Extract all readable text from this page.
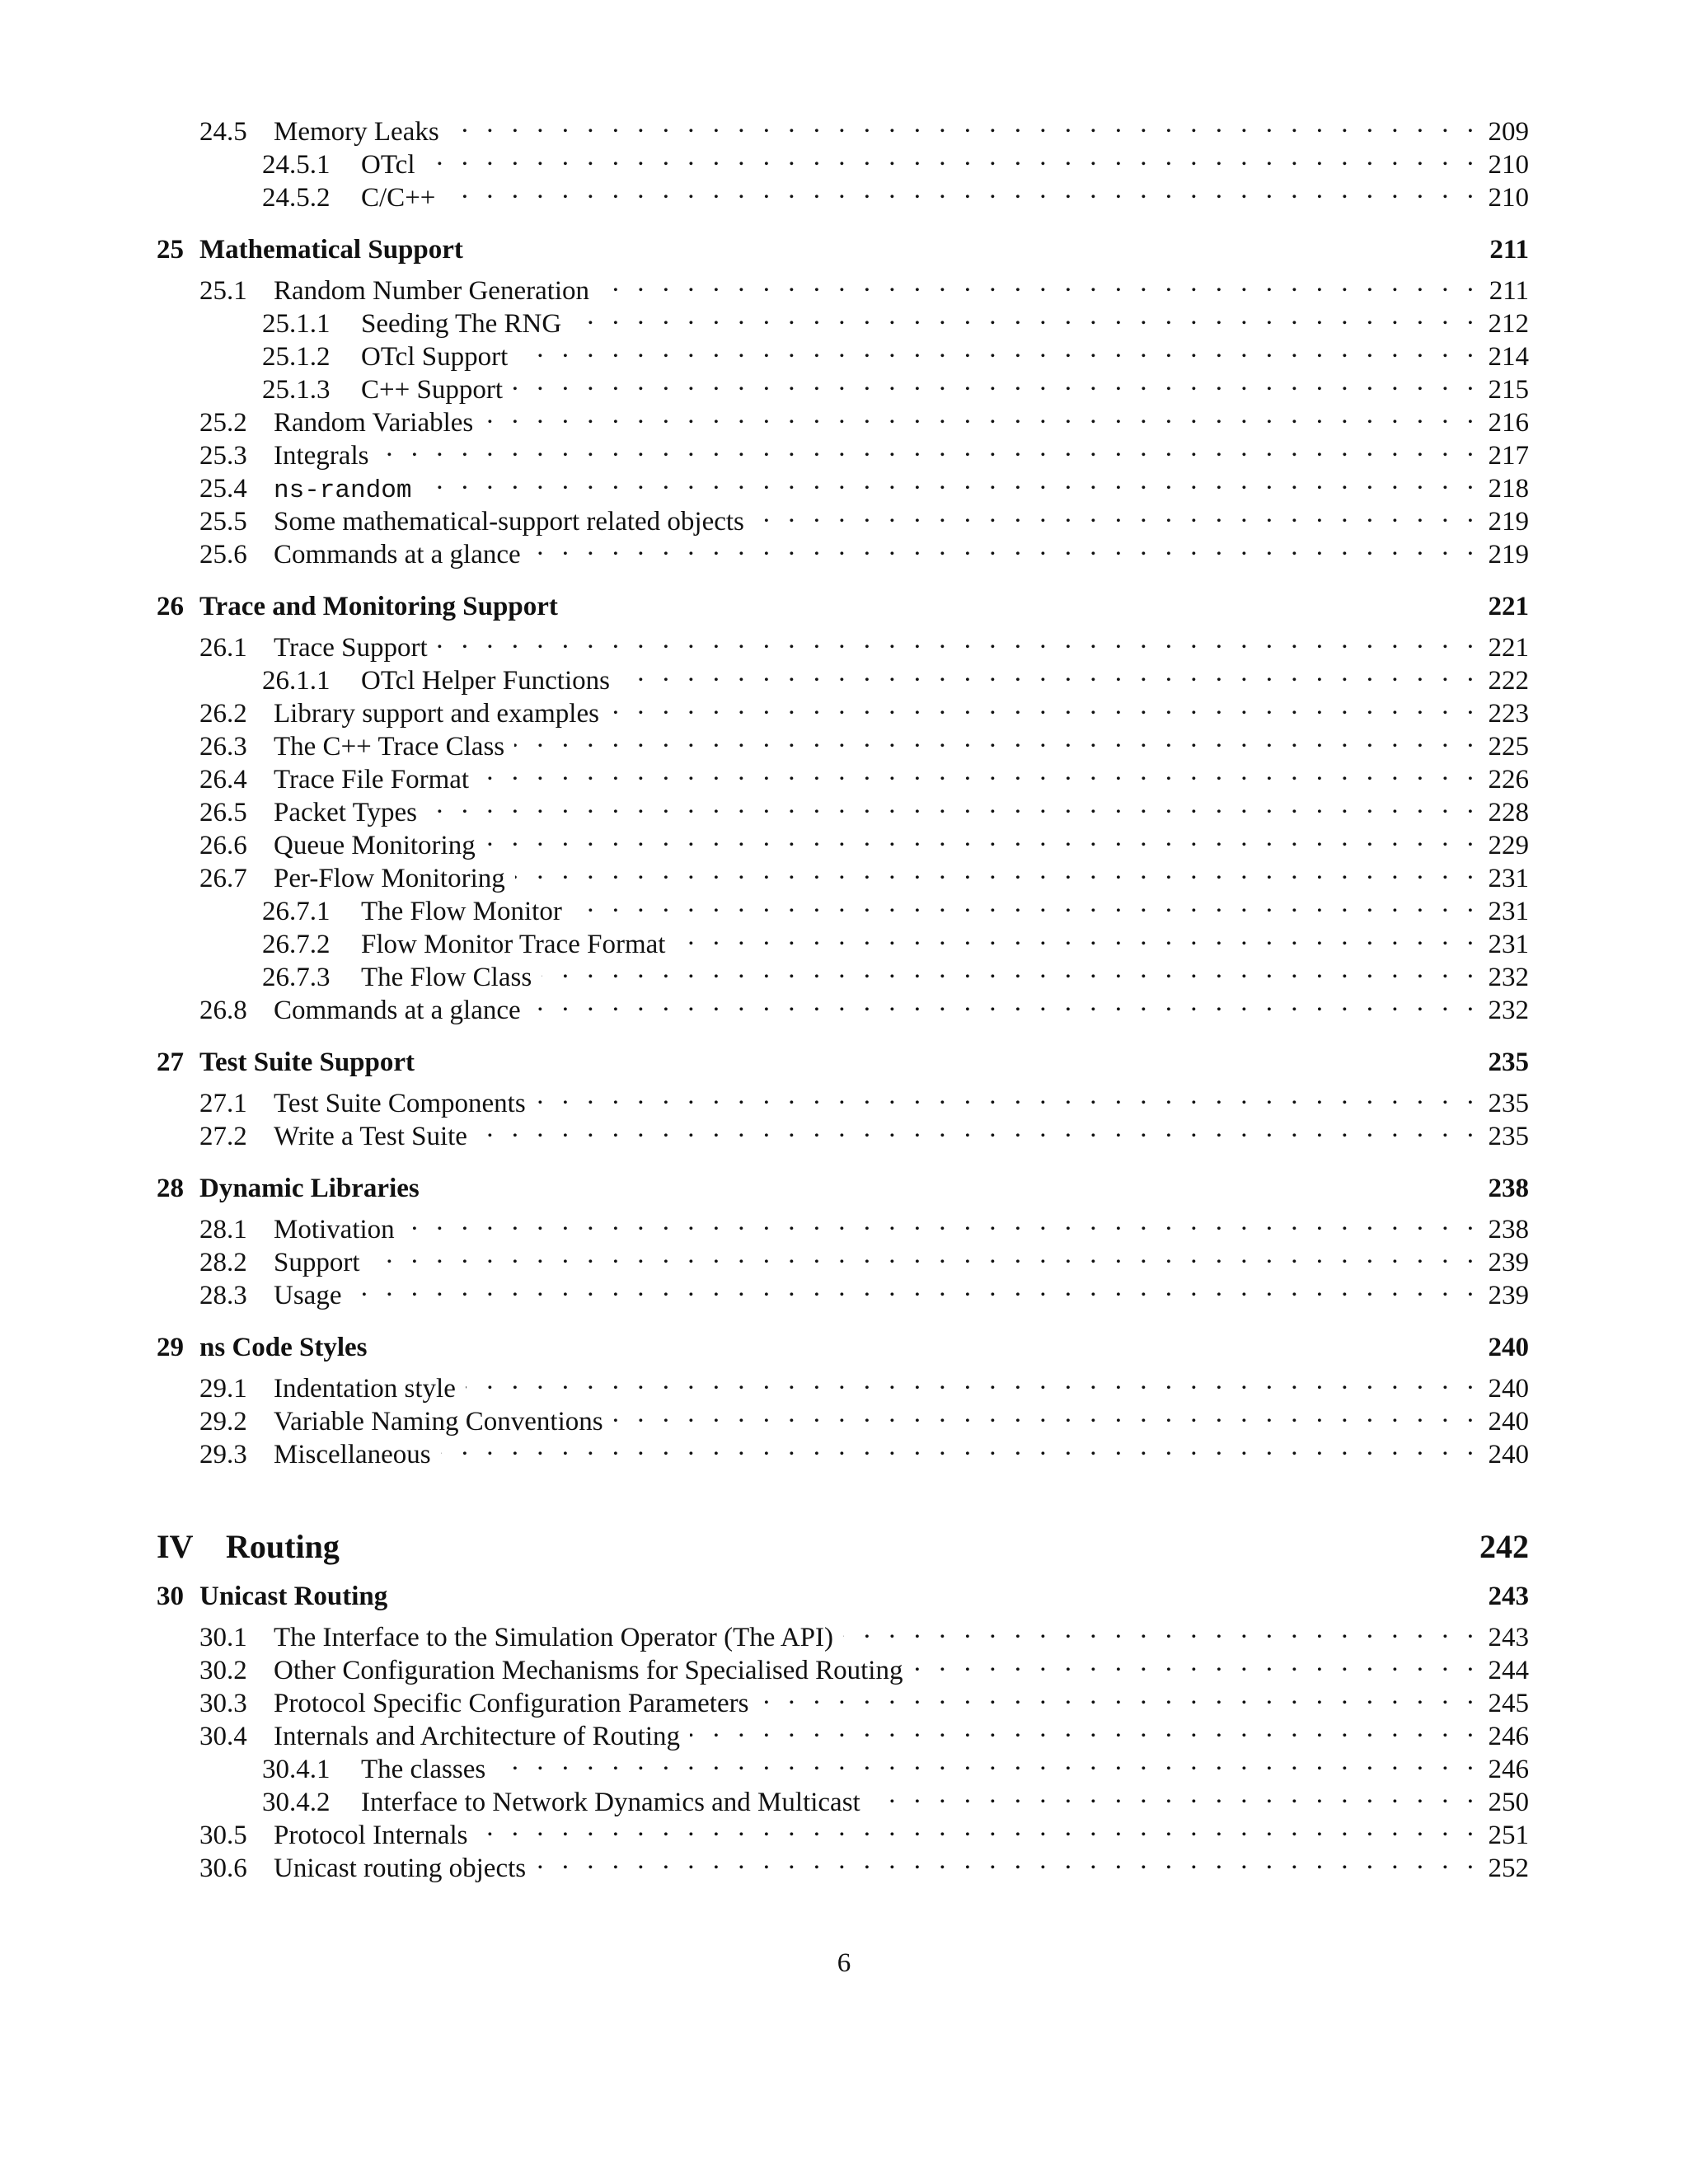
24.5 Memory Leaks . . .	209
24.5.1	OTcl . . .	210
24.5.2	C/C++ . . .	210
25 Mathematical Support	211
25.1 Random Number Generation . . .	211
25.1.1	Seeding The RNG . . .	212
25.1.2	OTcl Support . . .	214
25.1.3	C++ Support . . .	215
25.2 Random Variables . . .	216
25.3 Integrals . . .	217
25.4	ns-random . . .	218
25.5 Some mathematical-support related objects . . .	219
25.6 Commands at a glance . . .	219
26 Trace and Monitoring Support	221
26.1 Trace Support . . .	221
26.1.1	OTcl Helper Functions . . .	222
26.2 Library support and examples . . .	223
26.3 The C++ Trace Class . . .	225
26.4 Trace File Format . . .	226
26.5 Packet Types . . .	228
26.6 Queue Monitoring . . .	229
26.7 Per-Flow Monitoring . . .	231
26.7.1	The Flow Monitor . . .	231
26.7.2	Flow Monitor Trace Format . . .	231
26.7.3	The Flow Class . . .	232
26.8 Commands at a glance . . .	232
27 Test Suite Support	235
27.1 Test Suite Components . . .	235
27.2 Write a Test Suite . . .	235
28 Dynamic Libraries	238
28.1 Motivation . . .	238
28.2 Support . . .	239
28.3 Usage . . .	239
29 ns Code Styles	240
29.1 Indentation style . . .	240
29.2 Variable Naming Conventions . . .	240
29.3 Miscellaneous . . .	240
IV Routing	242
30 Unicast Routing	243
30.1 The Interface to the Simulation Operator (The API) . . .	243
30.2 Other Configuration Mechanisms for Specialised Routing . . .	244
30.3 Protocol Specific Configuration Parameters . . .	245
30.4 Internals and Architecture of Routing . . .	246
30.4.1	The classes . . .	246
30.4.2	Interface to Network Dynamics and Multicast . . .	250
30.5 Protocol Internals . . .	251
30.6 Unicast routing objects . . .	252
6
